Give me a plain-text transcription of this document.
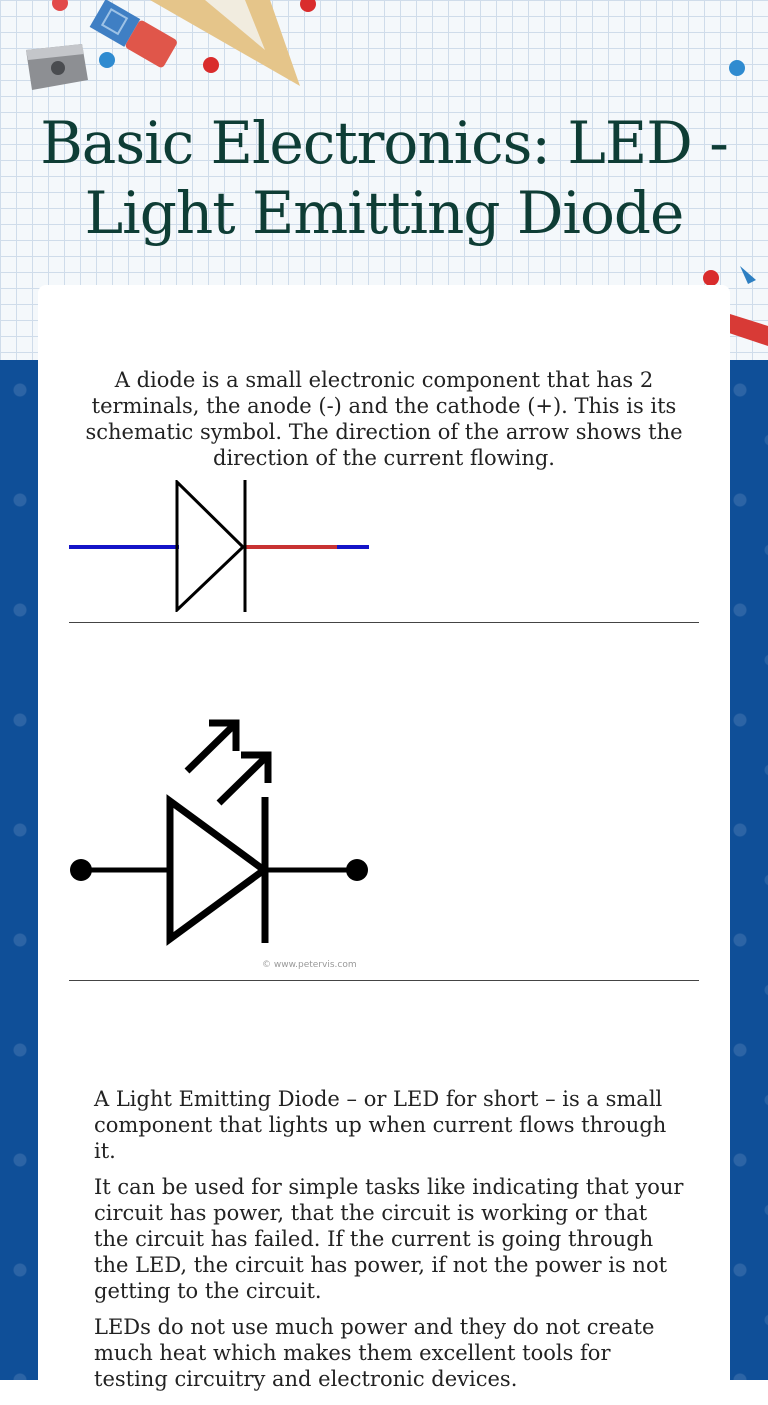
Basic Electronics: LED - Light Emitting Diode
A diode is a small electronic component that has 2 terminals, the anode (-) and the cathode (+). This is its schematic symbol. The direction of the arrow shows the direction of the current flowing.
© www.petervis.com

A Light Emitting Diode – or LED for short – is a small component that lights up when current flows through it.

It can be used for simple tasks like indicating that your circuit has power, that the circuit is working or that the circuit has failed. If the current is going through the LED, the circuit has power, if not the power is not getting to the circuit.

LEDs do not use much power and they do not create much heat which makes them excellent tools for testing circuitry and electronic devices.
